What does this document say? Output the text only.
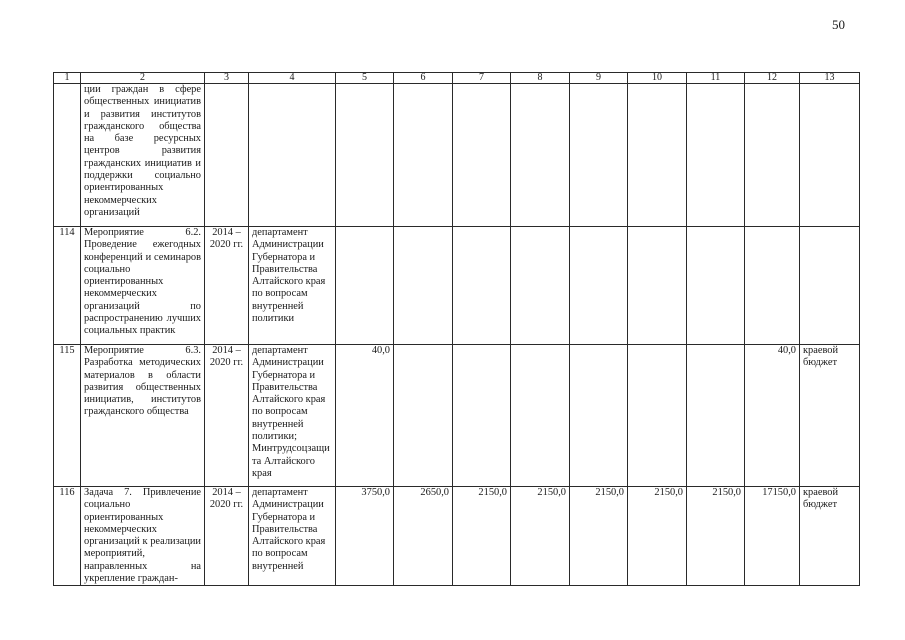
50
1	2	3	4	5	6	7	8	9	10	11	12	13
	ции граждан в сфере общественных инициатив и развития институтов гражданского общества на базе ресурсных центров развития гражданских инициатив и поддержки социально ориентированных некоммерческих организаций											
114	Мероприятие 6.2. Проведение ежегодных конференций и семинаров социально ориентированных некоммерческих организаций по распространению лучших социальных практик	2014 – 2020 гг.	департамент Администрации Губернатора и Правительства Алтайского края по вопросам внутренней политики									
115	Мероприятие 6.3. Разработка методических материалов в области развития общественных инициатив, институтов гражданского общества	2014 – 2020 гг.	департамент Администрации Губернатора и Правительства Алтайского края по вопросам внутренней политики; Минтрудсоцзащита Алтайского края	40,0							40,0	краевой бюджет
116	Задача 7. Привлечение социально ориентированных некоммерческих организаций к реализации мероприятий, направленных на укрепление граждан-	2014 – 2020 гг.	департамент Администрации Губернатора и Правительства Алтайского края по вопросам внутренней	3750,0	2650,0	2150,0	2150,0	2150,0	2150,0	2150,0	17150,0	краевой бюджет
